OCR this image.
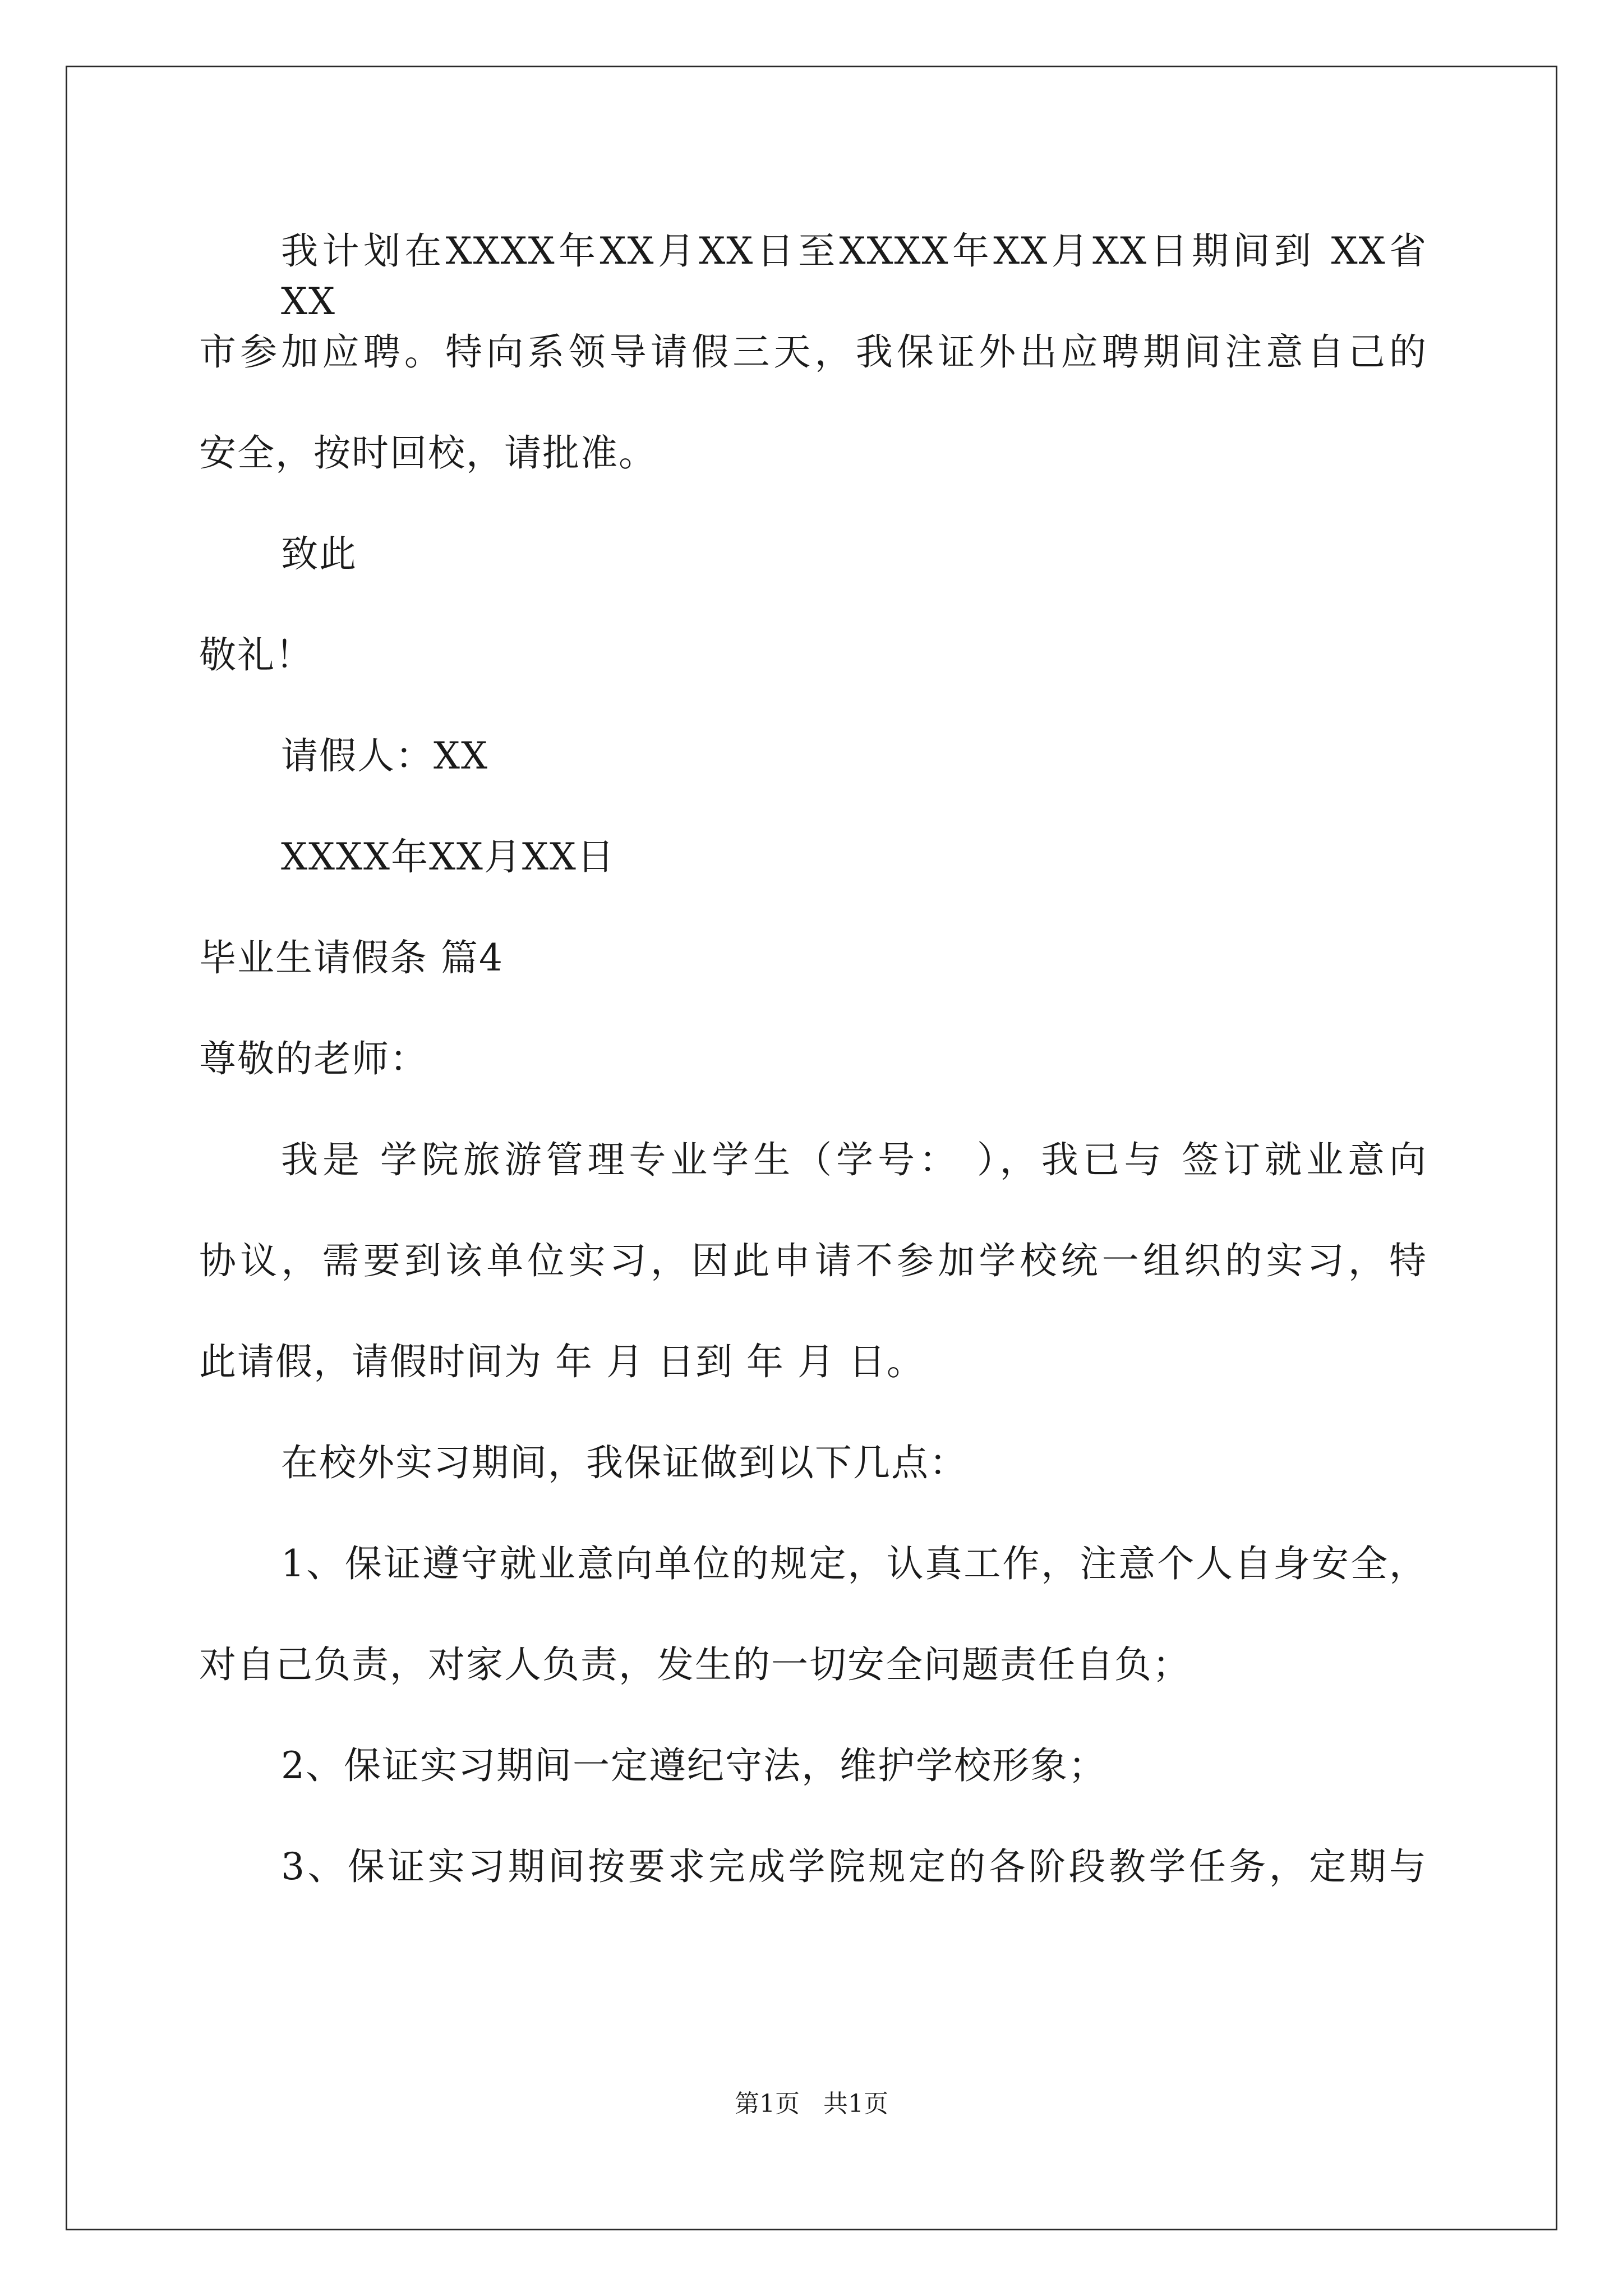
我计划在XXXX年XX月XX日至XXXX年XX月XX日期间到 XX省 XX
市参加应聘。特向系领导请假三天，我保证外出应聘期间注意自己的
安全，按时回校，请批准。
致此
敬礼！
请假人：XX
XXXX年XX月XX日
毕业生请假条 篇4
尊敬的老师：
我是 学院旅游管理专业学生（学号： ），我已与 签订就业意向
协议，需要到该单位实习，因此申请不参加学校统一组织的实习，特
此请假，请假时间为 年 月 日到 年 月 日。
在校外实习期间，我保证做到以下几点：
1、保证遵守就业意向单位的规定，认真工作，注意个人自身安全，
对自己负责，对家人负责，发生的一切安全问题责任自负；
2、保证实习期间一定遵纪守法，维护学校形象；
3、保证实习期间按要求完成学院规定的各阶段教学任务，定期与
第1页   共1页
